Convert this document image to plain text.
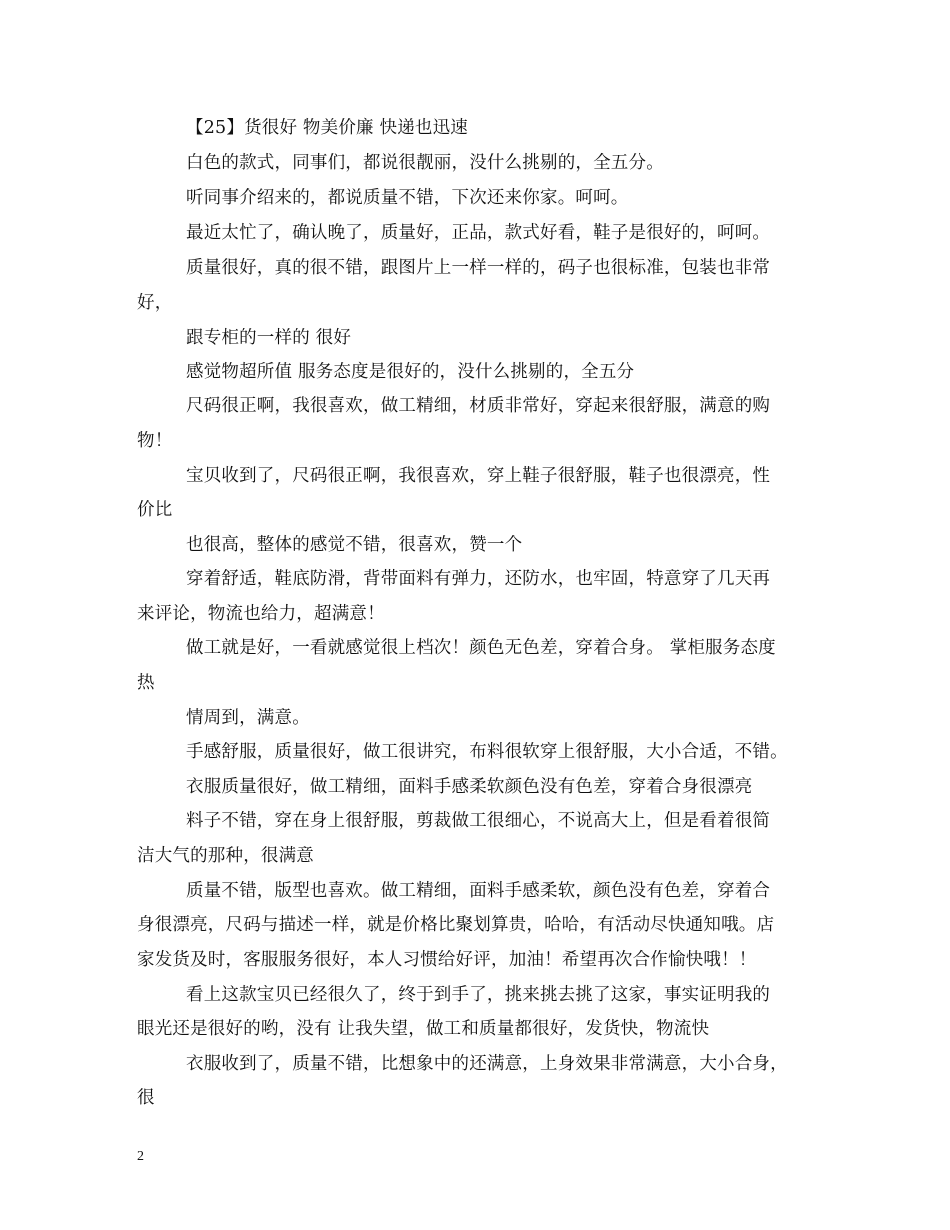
【25】货很好 物美价廉 快递也迅速
白色的款式，同事们，都说很靓丽，没什么挑剔的，全五分。
听同事介绍来的，都说质量不错，下次还来你家。呵呵。
最近太忙了，确认晚了，质量好，正品，款式好看，鞋子是很好的，呵呵。
质量很好，真的很不错，跟图片上一样一样的，码子也很标准，包装也非常
好，
跟专柜的一样的 很好
感觉物超所值 服务态度是很好的，没什么挑剔的，全五分
尺码很正啊，我很喜欢，做工精细，材质非常好，穿起来很舒服，满意的购
物！
宝贝收到了，尺码很正啊，我很喜欢，穿上鞋子很舒服，鞋子也很漂亮，性
价比
也很高，整体的感觉不错，很喜欢，赞一个
穿着舒适，鞋底防滑，背带面料有弹力，还防水，也牢固，特意穿了几天再
来评论，物流也给力，超满意！
做工就是好，一看就感觉很上档次！颜色无色差，穿着合身。 掌柜服务态度
热
情周到，满意。
手感舒服，质量很好，做工很讲究，布料很软穿上很舒服，大小合适，不错。
衣服质量很好，做工精细，面料手感柔软颜色没有色差，穿着合身很漂亮
料子不错，穿在身上很舒服，剪裁做工很细心，不说高大上，但是看着很简
洁大气的那种，很满意
质量不错，版型也喜欢。做工精细，面料手感柔软，颜色没有色差，穿着合
身很漂亮，尺码与描述一样，就是价格比聚划算贵，哈哈，有活动尽快通知哦。店
家发货及时，客服服务很好，本人习惯给好评，加油！希望再次合作愉快哦！！
看上这款宝贝已经很久了，终于到手了，挑来挑去挑了这家，事实证明我的
眼光还是很好的哟，没有 让我失望，做工和质量都很好，发货快，物流快
衣服收到了，质量不错，比想象中的还满意，上身效果非常满意，大小合身，
很
2
